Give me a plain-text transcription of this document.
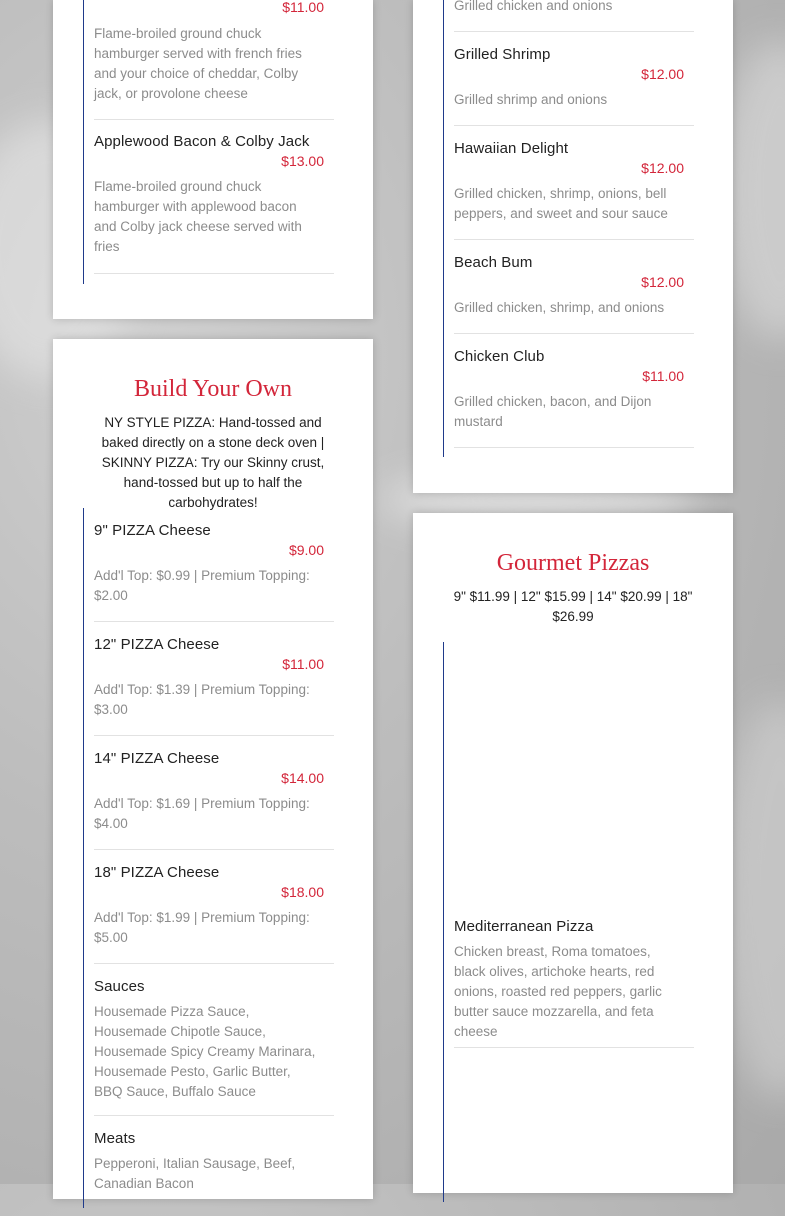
$11.00
Flame-broiled ground chuck hamburger served with french fries and your choice of cheddar, Colby jack, or provolone cheese
Applewood Bacon & Colby Jack
$13.00
Flame-broiled ground chuck hamburger with applewood bacon and Colby jack cheese served with fries
Build Your Own
NY STYLE PIZZA: Hand-tossed and baked directly on a stone deck oven | SKINNY PIZZA: Try our Skinny crust, hand-tossed but up to half the carbohydrates!
9" PIZZA Cheese
$9.00
Add'l Top: $0.99 | Premium Topping: $2.00
12" PIZZA Cheese
$11.00
Add'l Top: $1.39 | Premium Topping: $3.00
14" PIZZA Cheese
$14.00
Add'l Top: $1.69 | Premium Topping: $4.00
18" PIZZA Cheese
$18.00
Add'l Top: $1.99 | Premium Topping: $5.00
Sauces
Housemade Pizza Sauce, Housemade Chipotle Sauce, Housemade Spicy Creamy Marinara, Housemade Pesto, Garlic Butter, BBQ Sauce, Buffalo Sauce
Meats
Pepperoni, Italian Sausage, Beef, Canadian Bacon
Grilled chicken and onions
Grilled Shrimp
$12.00
Grilled shrimp and onions
Hawaiian Delight
$12.00
Grilled chicken, shrimp, onions, bell peppers, and sweet and sour sauce
Beach Bum
$12.00
Grilled chicken, shrimp, and onions
Chicken Club
$11.00
Grilled chicken, bacon, and Dijon mustard
Gourmet Pizzas
9" $11.99 | 12" $15.99 | 14" $20.99 | 18" $26.99
Mediterranean Pizza
Chicken breast, Roma tomatoes, black olives, artichoke hearts, red onions, roasted red peppers, garlic butter sauce mozzarella, and feta cheese
